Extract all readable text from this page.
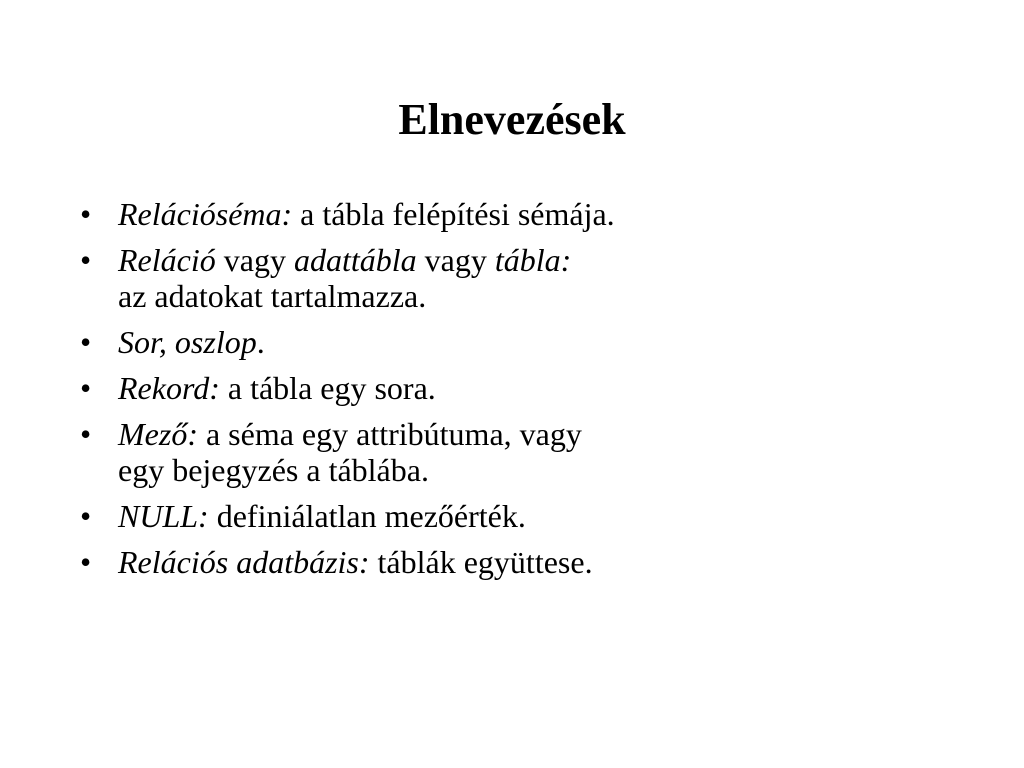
Elnevezések
• Relációséma: a tábla felépítési sémája.
• Reláció vagy adattábla vagy tábla:
az adatokat tartalmazza.
• Sor, oszlop.
• Rekord: a tábla egy sora.
• Mező: a séma egy attribútuma, vagy
egy bejegyzés a táblába.
• NULL: definiálatlan mezőérték.
• Relációs adatbázis: táblák együttese.
